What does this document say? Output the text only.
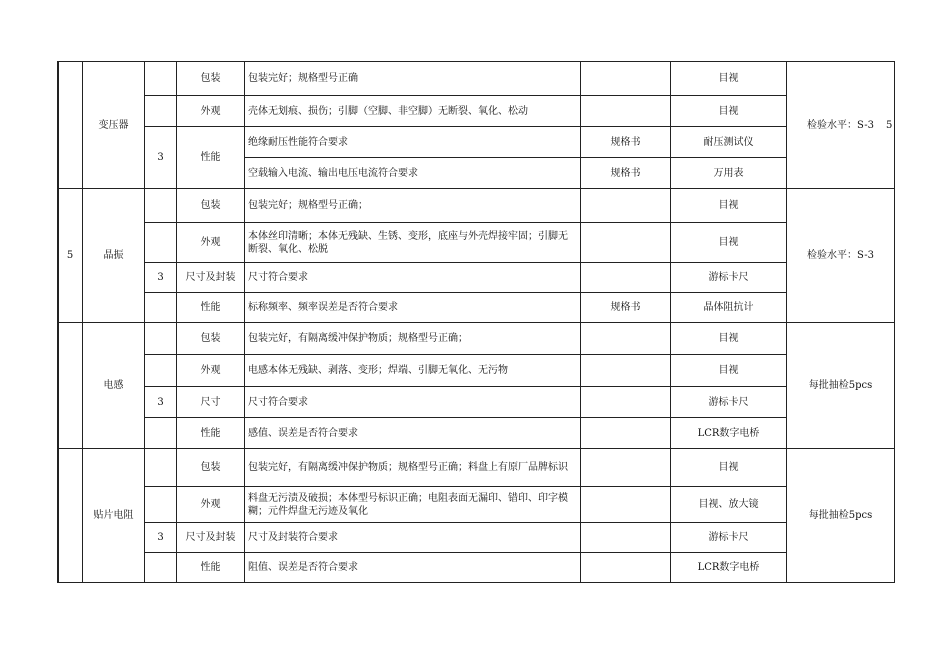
	变压器		包装	包装完好；规格型号正确		目视	检验水平：S-3
			外观	壳体无划痕、损伤；引脚（空脚、非空脚）无断裂、氧化、松动		目视	
		3	性能	绝缘耐压性能符合要求	规格书	耐压测试仪	
				空载输入电流、输出电压电流符合要求	规格书	万用表	
5	晶振		包装	包装完好；规格型号正确；		目视	检验水平：S-3
			外观	本体丝印清晰；本体无残缺、生锈、变形，底座与外壳焊接牢固；引脚无断裂、氧化、松脱		目视	
		3	尺寸及封装	尺寸符合要求		游标卡尺	
			性能	标称频率、频率误差是否符合要求	规格书	晶体阻抗计	
	电感		包装	包装完好，有隔离缓冲保护物质；规格型号正确；		目视	每批抽检5pcs
			外观	电感本体无残缺、剥落、变形；焊端、引脚无氧化、无污物		目视	
		3	尺寸	尺寸符合要求		游标卡尺	
			性能	感值、误差是否符合要求		LCR数字电桥	
	贴片电阻		包装	包装完好，有隔离缓冲保护物质；规格型号正确；料盘上有原厂品牌标识		目视	每批抽检5pcs
			外观	料盘无污渍及破损；本体型号标识正确；电阻表面无漏印、错印、印字模糊；元件焊盘无污迹及氧化		目视、放大镜	
		3	尺寸及封装	尺寸及封装符合要求		游标卡尺	
			性能	阻值、误差是否符合要求		LCR数字电桥	
5
